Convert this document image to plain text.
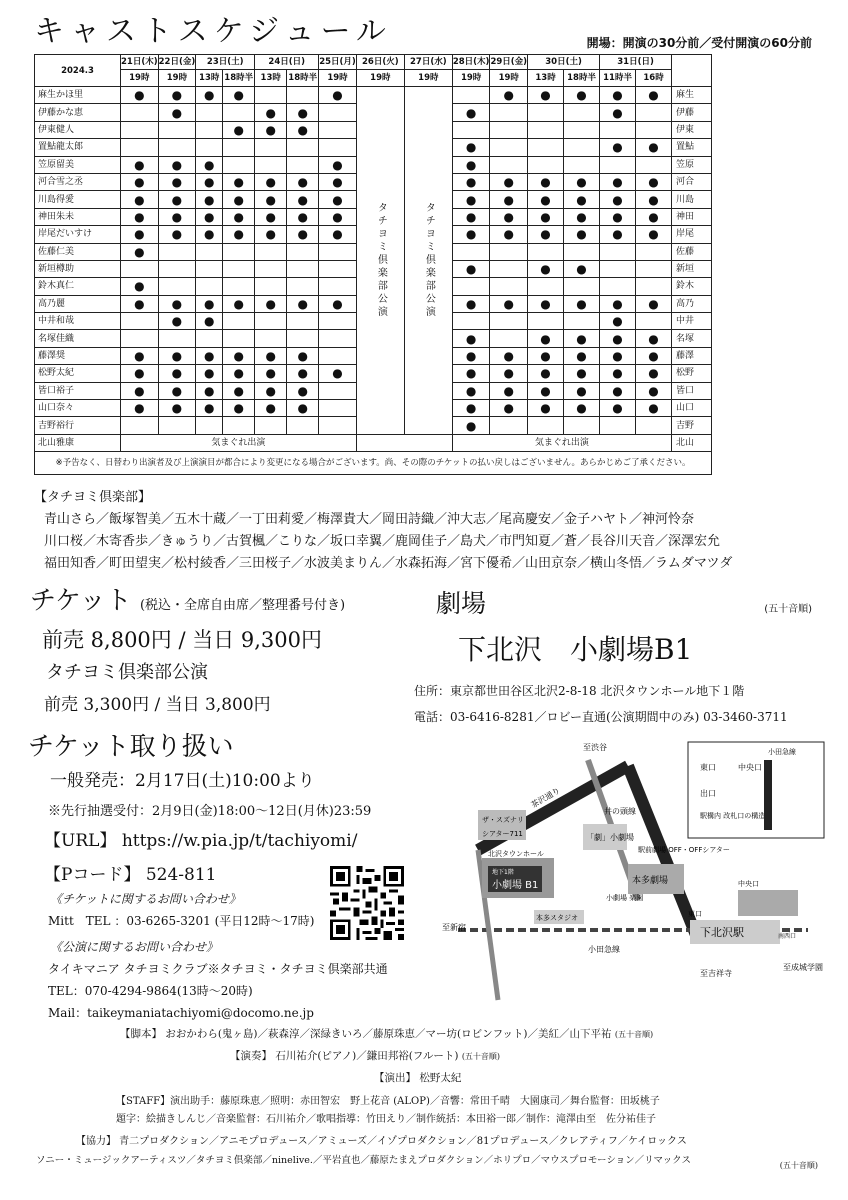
キャストスケジュール	開場：開演の30分前／受付開演の60分前
2024.3	21日(木)	22日(金)	23日(土)		24日(日)		25日(月)	26日(火)	27日(水)	28日(木)	29日(金)	30日(土)		31日(日)		
	19時	19時	13時	18時半	13時	18時半	19時	19時	19時	19時	19時	13時	18時半	11時半	16時	
麻生かほ里	●	●	●	●			●	タチヨミ倶楽部公演	タチヨミ倶楽部公演		●	●	●	●	●	麻生
伊藤かな恵		●			●	●				●				●		伊藤
伊東健人				●	●	●										伊東
置鮎龍太郎										●				●	●	置鮎
笠原留美	●	●	●				●			●						笠原
河合雪之丞	●	●	●	●	●	●	●			●	●	●	●	●	●	河合
川島得愛	●	●	●	●	●	●	●			●	●	●	●	●	●	川島
神田朱未	●	●	●	●	●	●	●			●	●	●	●	●	●	神田
岸尾だいすけ	●	●	●	●	●	●	●			●	●	●	●	●	●	岸尾
佐藤仁美	●															佐藤
新垣樽助										●		●	●			新垣
鈴木真仁	●															鈴木
高乃麗	●	●	●	●	●	●	●			●	●	●	●	●	●	高乃
中井和哉		●	●											●		中井
名塚佳織										●		●	●	●	●	名塚
藤澤奨	●	●	●	●	●	●				●	●	●	●	●	●	藤澤
松野太紀	●	●	●	●	●	●	●			●	●	●	●	●	●	松野
皆口裕子	●	●	●	●	●	●				●	●	●	●	●	●	皆口
山口奈々	●	●	●	●	●	●				●	●	●	●	●	●	山口
吉野裕行										●						吉野
北山雅康	気まぐれ出演									気まぐれ出演						北山
※予告なく、日替わり出演者及び上演演目が都合により変更になる場合がございます。尚、その際のチケットの払い戻しはございません。あらかじめご了承ください。																
【タチヨミ倶楽部】
青山さら／飯塚智美／五木十蔵／一丁田莉愛／梅澤貴大／岡田詩織／沖大志／尾高慶安／金子ハヤト／神河怜奈
川口桜／木寄香歩／きゅうり／古賀楓／こりな／坂口幸翼／鹿岡佳子／島犬／市門知夏／蒼／長谷川天音／深澤宏允
福田知香／町田望実／松村綾香／三田桜子／水波美まりん／水森拓海／宮下優希／山田京奈／横山冬悟／ラムダマツダ
(五十音順)
チケット (税込・全席自由席／整理番号付き)
前売 8,800円 / 当日 9,300円
タチヨミ倶楽部公演
前売 3,300円 / 当日 3,800円
劇場
下北沢　小劇場B1
住所：東京都世田谷区北沢2-8-18 北沢タウンホール地下１階
電話：03-6416-8281／ロビー直通(公演期間中のみ) 03-3460-3711
チケット取り扱い
一般発売：2月17日(土)10:00より
※先行抽選受付：2月9日(金)18:00～12日(月休)23:59
【URL】 https://w.pia.jp/t/tachiyomi/
【Pコード】 524-811
《チケットに関するお問い合わせ》
Mitt　TEL ：03-6265-3201 (平日12時～17時)
《公演に関するお問い合わせ》
タイキマニア タチヨミクラブ※タチヨミ・タチヨミ倶楽部共通
TEL：070-4294-9864(13時～20時)
Mail：taikeymaniatachiyomi@docomo.ne.jp
至渋谷
至新宿
至吉祥寺
至成城学園
茶沢通り
井の頭線
ザ・スズナリ
シアター711	「劇」小劇場
地下1階
小劇場 B1
北沢タウンホール
本多劇場
本多スタジオ
小劇場 楽園
駅前劇場 OFF・OFFシアター
下北沢駅
小田急線
東口
中央口
南西口
小田急線
中央口
東口
出口
駅構内 改札口の構造
【脚本】 おおかわら(鬼ヶ島)／萩森淳／深緑きいろ／藤原珠恵／マー坊(ロビンフット)／美紅／山下平祐 (五十音順)
【演奏】 石川祐介(ピアノ)／鎌田邦裕(フルート) (五十音順)
【演出】 松野太紀
【STAFF】演出助手：藤原珠恵／照明：赤田智宏　野上花音 (ALOP)／音響：常田千晴　大園康司／舞台監督：田坂桃子
題字：絵描きしんじ／音楽監督：石川祐介／歌唱指導：竹田えり／制作統括：本田裕一郎／制作：滝澤由至　佐分祐佳子
【協力】 青二プロダクション／アニモプロデュース／アミューズ／イゾプロダクション／81プロデュース／クレアティフ／ケイロックス
ソニー・ミュージックアーティスツ／タチヨミ倶楽部／ninelive.／平岩直也／藤原たまえプロダクション／ホリプロ／マウスプロモーション／リマックス	(五十音順)
